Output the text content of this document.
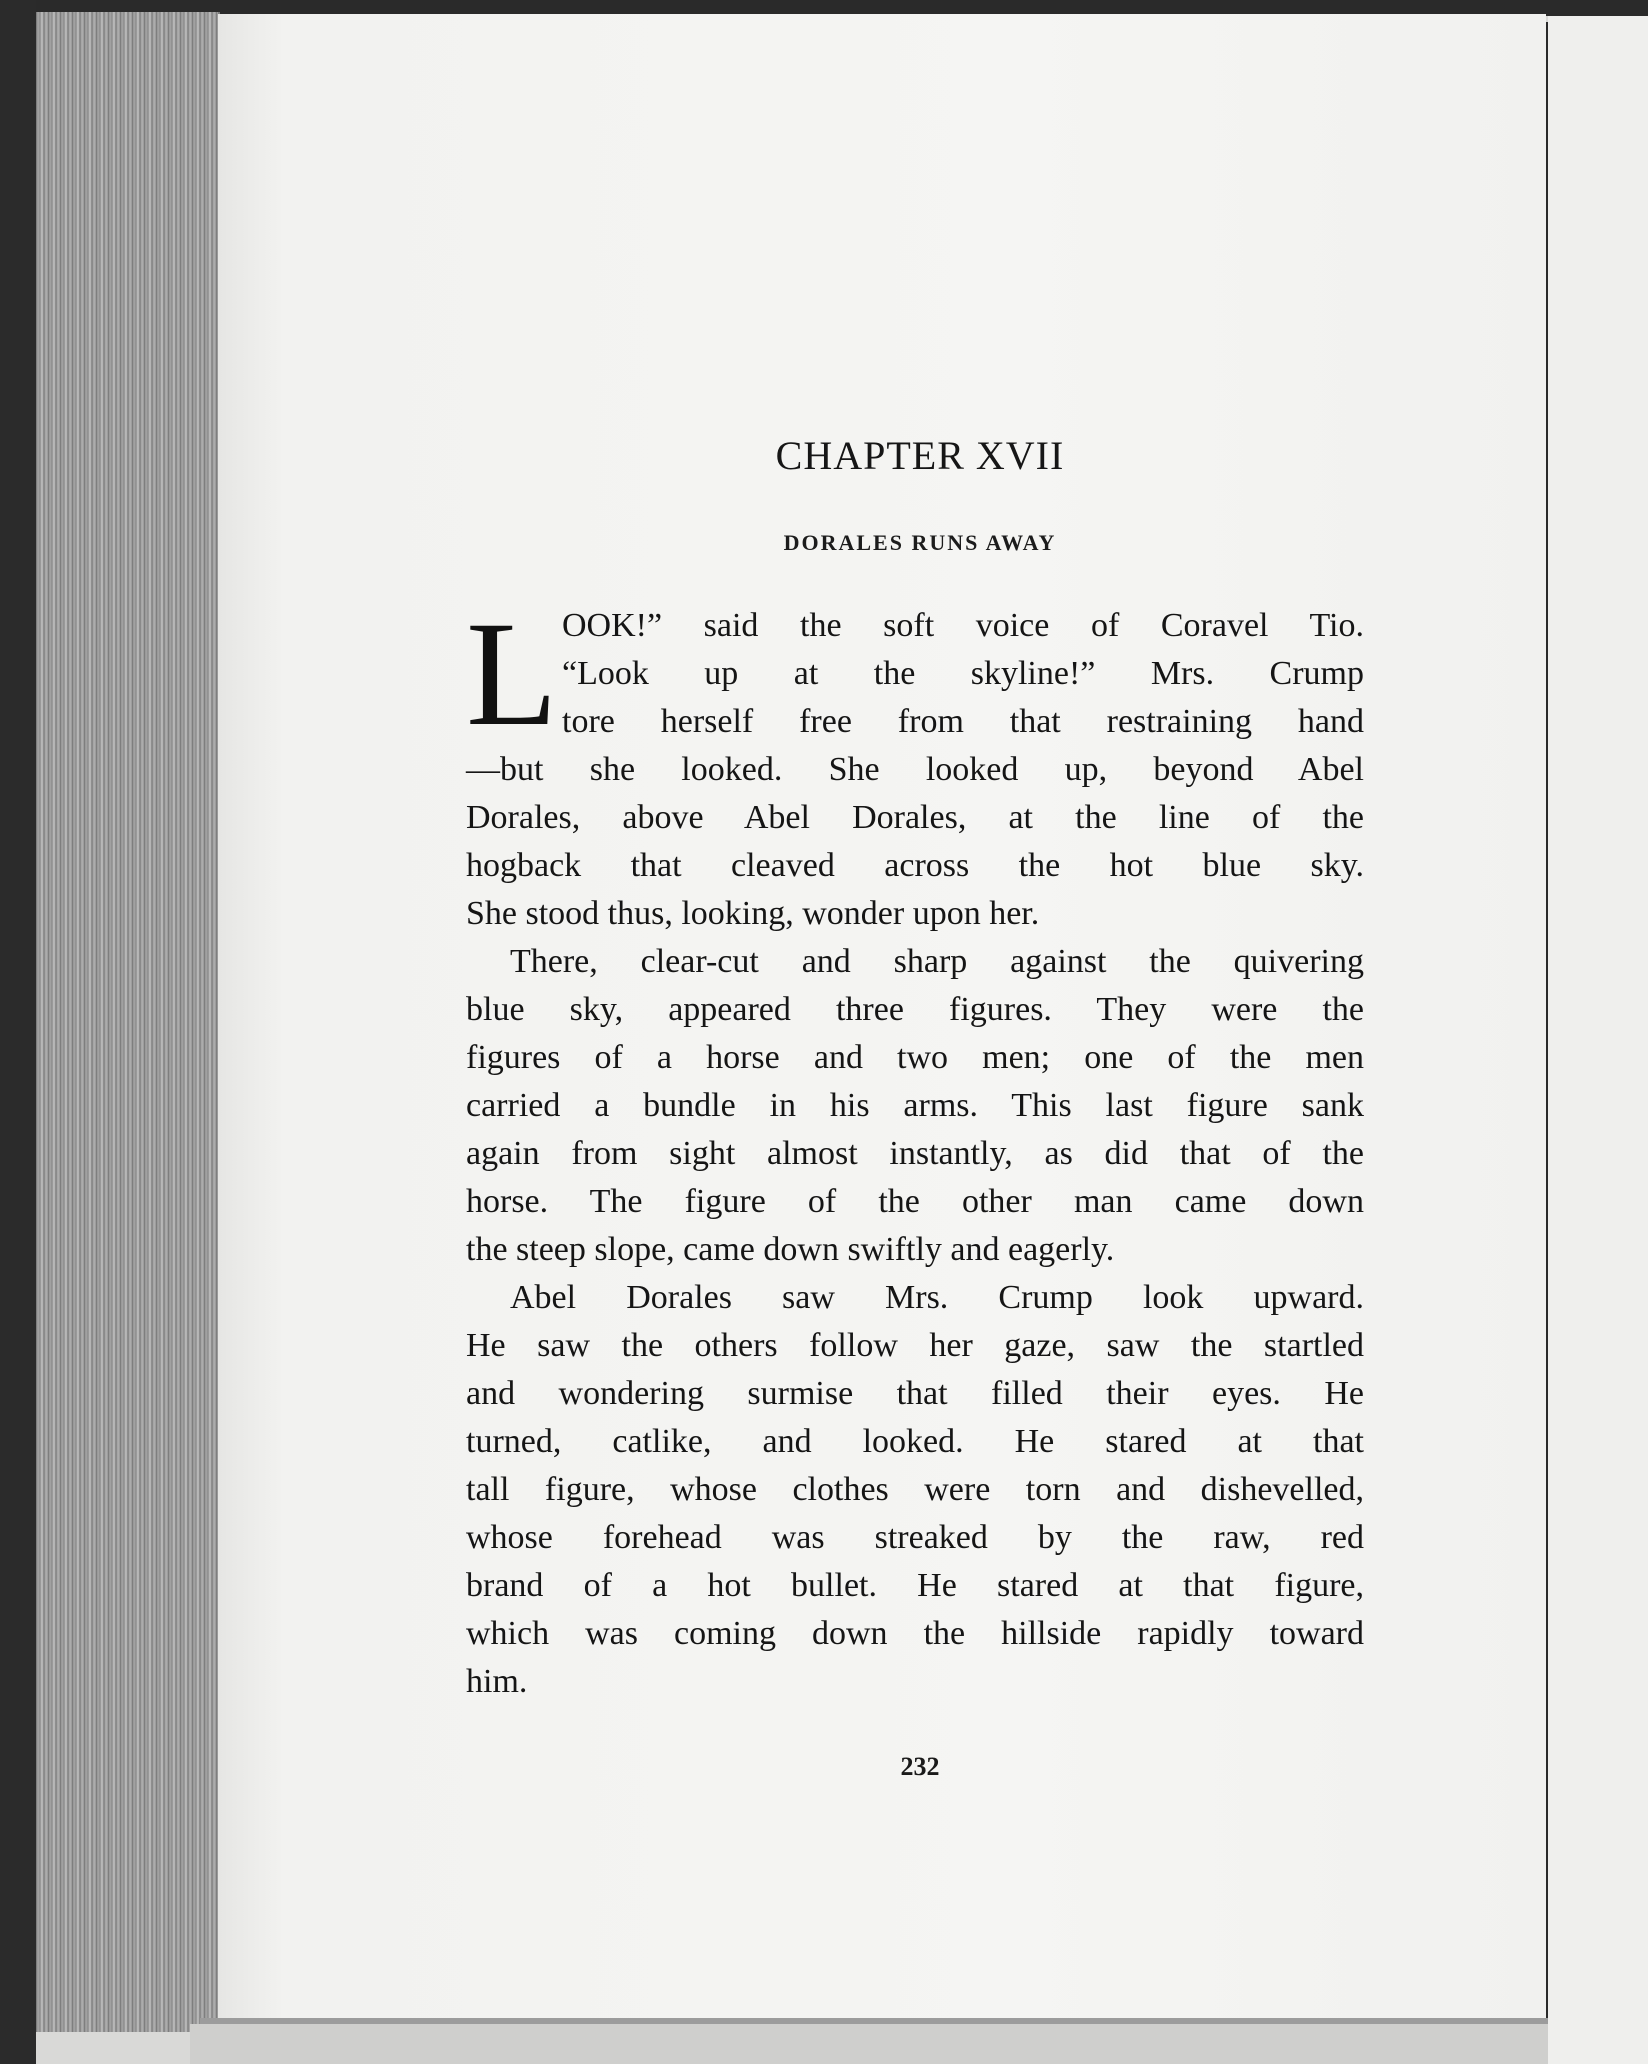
CHAPTER XVII
DORALES RUNS AWAY
L OOK!” said the soft voice of Coravel Tio.
“Look up at the skyline!” Mrs. Crump
tore herself free from that restraining hand
—but she looked. She looked up, beyond Abel
Dorales, above Abel Dorales, at the line of the
hogback that cleaved across the hot blue sky.
She stood thus, looking, wonder upon her.
There, clear-cut and sharp against the quivering
blue sky, appeared three figures. They were the
figures of a horse and two men; one of the men
carried a bundle in his arms. This last figure sank
again from sight almost instantly, as did that of the
horse. The figure of the other man came down
the steep slope, came down swiftly and eagerly.
Abel Dorales saw Mrs. Crump look upward.
He saw the others follow her gaze, saw the startled
and wondering surmise that filled their eyes. He
turned, catlike, and looked. He stared at that
tall figure, whose clothes were torn and dishevelled,
whose forehead was streaked by the raw, red
brand of a hot bullet. He stared at that figure,
which was coming down the hillside rapidly toward
him.
232
